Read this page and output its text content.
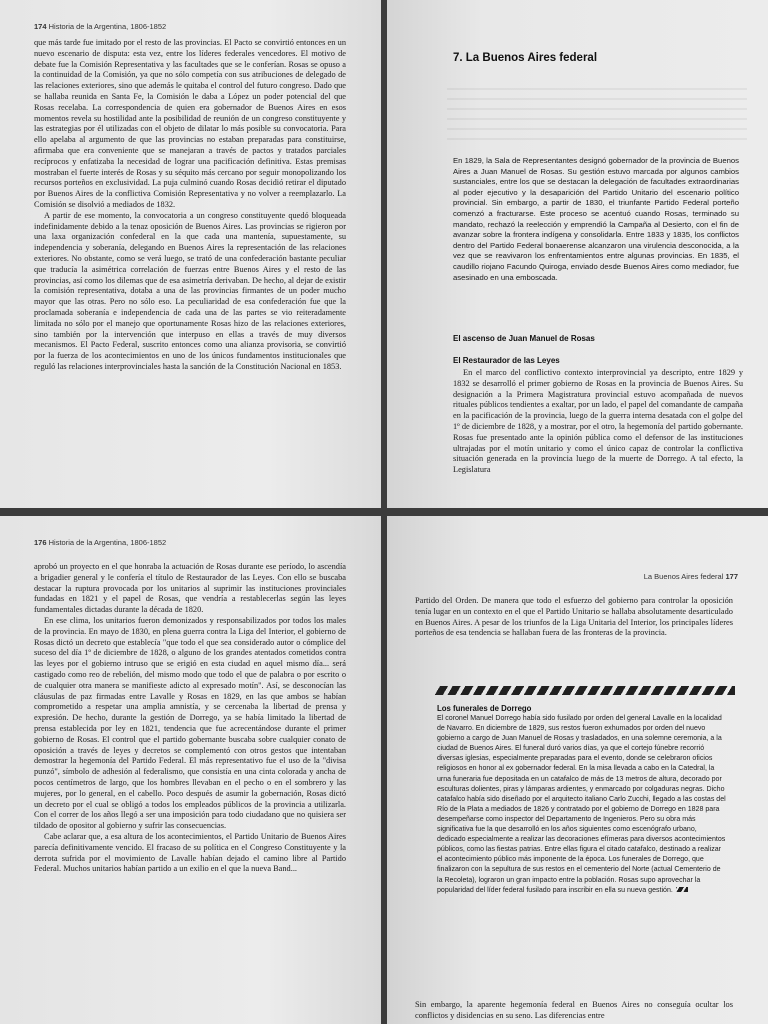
174 Historia de la Argentina, 1806-1852

que más tarde fue imitado por el resto de las provincias. El Pacto se convirtió entonces en un nuevo escenario de disputa: esta vez, entre los líderes federales vencedores. El motivo de debate fue la Comisión Representativa y las facultades que se le conferían. Rosas se opuso a la continuidad de la Comisión, ya que no sólo competía con sus atribuciones de delegado de las relaciones exteriores, sino que además le quitaba el control del futuro congreso. Dado que se hallaba reunida en Santa Fe, la Comisión le daba a López un poder potencial del que Rosas recelaba. La correspondencia de quien era gobernador de Buenos Aires en esos momentos revela su hostilidad ante la posibilidad de reunión de un congreso constituyente y las estrategias por él utilizadas con el objeto de dilatar lo más posible su convocatoria. Para ello apelaba al argumento de que las provincias no estaban preparadas para constituirse, afirmaba que era conveniente que se manejaran a través de pactos y tratados parciales recíprocos y enfatizaba la necesidad de lograr una pacificación definitiva. Estas premisas mostraban el fuerte interés de Rosas y su séquito más cercano por seguir monopolizando los recursos porteños en exclusividad. La puja culminó cuando Rosas decidió retirar el diputado por Buenos Aires de la conflictiva Comisión Representativa y no volver a reemplazarlo. La Comisión se disolvió a mediados de 1832.

A partir de ese momento, la convocatoria a un congreso constituyente quedó bloqueada indefinidamente debido a la tenaz oposición de Buenos Aires. Las provincias se rigieron por una laxa organización confederal en la que cada una mantenía, supuestamente, su independencia y soberanía, delegando en Buenos Aires la representación de las relaciones exteriores. No obstante, como se verá luego, se trató de una confederación bastante peculiar que traducía la asimétrica correlación de fuerzas entre Buenos Aires y el resto de las provincias, así como los dilemas que de esa asimetría derivaban. De hecho, al dejar de existir la comisión representativa, dotaba a una de las provincias firmantes de un poder mucho mayor que las otras. Pero no sólo eso. La peculiaridad de esa confederación fue que la proclamada soberanía e independencia de cada una de las partes se vio reiteradamente limitada no sólo por el manejo que oportunamente Rosas hizo de las relaciones exteriores, sino también por la intervención que interpuso en ellas a través de muy diversos mecanismos. El Pacto Federal, suscrito entonces como una alianza provisoria, se convirtió por la fuerza de los acontecimientos en uno de los únicos fundamentos institucionales que reguló las relaciones interprovinciales hasta la sanción de la Constitución Nacional en 1853.

7. La Buenos Aires federal

En 1829, la Sala de Representantes designó gobernador de la provincia de Buenos Aires a Juan Manuel de Rosas. Su gestión estuvo marcada por algunos cambios sustanciales, entre los que se destacan la delegación de facultades extraordinarias al poder ejecutivo y la desaparición del Partido Unitario del escenario político provincial. Sin embargo, a partir de 1830, el triunfante Partido Federal porteño comenzó a fracturarse. Este proceso se acentuó cuando Rosas, terminado su mandato, rechazó la reelección y emprendió la Campaña al Desierto, con el fin de avanzar sobre la frontera indígena y consolidarla. Entre 1833 y 1835, los conflictos dentro del Partido Federal bonaerense alcanzaron una virulencia desconocida, a la vez que se reavivaron los enfrentamientos entre algunas provincias. En 1835, el caudillo riojano Facundo Quiroga, enviado desde Buenos Aires como mediador, fue asesinado en una emboscada.

El ascenso de Juan Manuel de Rosas
El Restaurador de las Leyes

En el marco del conflictivo contexto interprovincial ya descripto, entre 1829 y 1832 se desarrolló el primer gobierno de Rosas en la provincia de Buenos Aires. Su designación a la Primera Magistratura provincial estuvo acompañada de nuevos rituales públicos tendientes a exaltar, por un lado, el papel del comandante de campaña en la pacificación de la provincia, luego de la guerra interna desatada con el golpe del 1º de diciembre de 1828, y a mostrar, por el otro, la hegemonía del partido gobernante. Rosas fue presentado ante la opinión pública como el defensor de las instituciones ultrajadas por el motín unitario y como el único capaz de controlar la conflictiva situación generada en la provincia luego de la muerte de Dorrego. A tal efecto, la Legislatura

176 Historia de la Argentina, 1806-1852

aprobó un proyecto en el que honraba la actuación de Rosas durante ese período, lo ascendía a brigadier general y le confería el título de Restaurador de las Leyes. Con ello se buscaba destacar la ruptura provocada por los unitarios al suprimir las instituciones provinciales fundadas en 1821 y el papel de Rosas, que vendría a restablecerlas según las leyes fundamentales dictadas durante la década de 1820.

En ese clima, los unitarios fueron demonizados y responsabilizados por todos los males de la provincia. En mayo de 1830, en plena guerra contra la Liga del Interior, el gobierno de Rosas dictó un decreto que establecía "que todo el que sea considerado autor o cómplice del suceso del día 1º de diciembre de 1828, o alguno de los grandes atentados cometidos contra las leyes por el gobierno intruso que se erigió en esta ciudad en aquel mismo día... será castigado como reo de rebelión, del mismo modo que todo el que de palabra o por escrito o de cualquier otra manera se manifieste adicto al expresado motín". Así, se desconocían las cláusulas de paz firmadas entre Lavalle y Rosas en 1829, en las que ambos se habían comprometido a respetar una amplia amnistía, y se cercenaba la libertad de prensa y expresión. De hecho, durante la gestión de Dorrego, ya se había limitado la libertad de prensa establecida por ley en 1821, tendencia que fue acrecentándose durante el primer gobierno de Rosas. El control que el partido gobernante buscaba sobre cualquier conato de oposición a través de leyes y decretos se complementó con otros gestos que intentaban demostrar la hegemonía del Partido Federal. El más representativo fue el uso de la "divisa punzó", símbolo de adhesión al federalismo, que consistía en una cinta colorada y ancha de pocos centímetros de largo, que los hombres llevaban en el pecho o en el sombrero y las mujeres, por lo general, en el cabello. Poco después de asumir la gobernación, Rosas dictó un decreto por el cual se obligó a todos los empleados públicos de la provincia a utilizarla. Con el correr de los años llegó a ser una imposición para todo ciudadano que no quisiera ser tildado de opositor al gobierno y sufrir las consecuencias.

Cabe aclarar que, a esa altura de los acontecimientos, el Partido Unitario de Buenos Aires parecía definitivamente vencido. El fracaso de su política en el Congreso Constituyente y la derrota sufrida por el movimiento de Lavalle habían dejado el camino libre al Partido Federal. Muchos unitarios habían partido a un exilio en el que la nueva Band...

La Buenos Aires federal 177

Partido del Orden. De manera que todo el esfuerzo del gobierno para controlar la oposición tenía lugar en un contexto en el que el Partido Unitario se hallaba absolutamente desarticulado en Buenos Aires. A pesar de los triunfos de la Liga Unitaria del Interior, los principales líderes porteños de esa tendencia se hallaban fuera de las fronteras de la provincia.

Los funerales de Dorrego

El coronel Manuel Dorrego había sido fusilado por orden del general Lavalle en la localidad de Navarro. En diciembre de 1829, sus restos fueron exhumados por orden del nuevo gobierno a cargo de Juan Manuel de Rosas y trasladados, en una solemne ceremonia, a la ciudad de Buenos Aires. El funeral duró varios días, ya que el cortejo fúnebre recorrió diversas iglesias, especialmente preparadas para el evento, donde se celebraron oficios religiosos en honor al ex gobernador federal. En la misa llevada a cabo en la Catedral, la urna funeraria fue depositada en un catafalco de más de 13 metros de altura, decorado por esculturas dolientes, piras y lámparas ardientes, y enmarcado por colgaduras negras. Dicho catafalco había sido diseñado por el arquitecto italiano Carlo Zucchi, llegado a las costas del Río de la Plata a mediados de 1826 y contratado por el gobierno de Dorrego en 1828 para desempeñarse como inspector del Departamento de Ingenieros. Pero su obra más significativa fue la que desarrolló en los años siguientes como escenógrafo urbano, dedicado especialmente a realizar las decoraciones efímeras para diversos acontecimientos públicos, como las fiestas patrias. Entre ellas figura el citado catafalco, destinado a realizar el acontecimiento público más imponente de la época. Los funerales de Dorrego, que finalizaron con la sepultura de sus restos en el cementerio del Norte (actual Cementerio de la Recoleta), lograron un gran impacto entre la población. Rosas supo aprovechar la popularidad del líder federal fusilado para inscribir en ella su nueva gestión.

Sin embargo, la aparente hegemonía federal en Buenos Aires no conseguía ocultar los conflictos y disidencias en su seno. Las diferencias entre
